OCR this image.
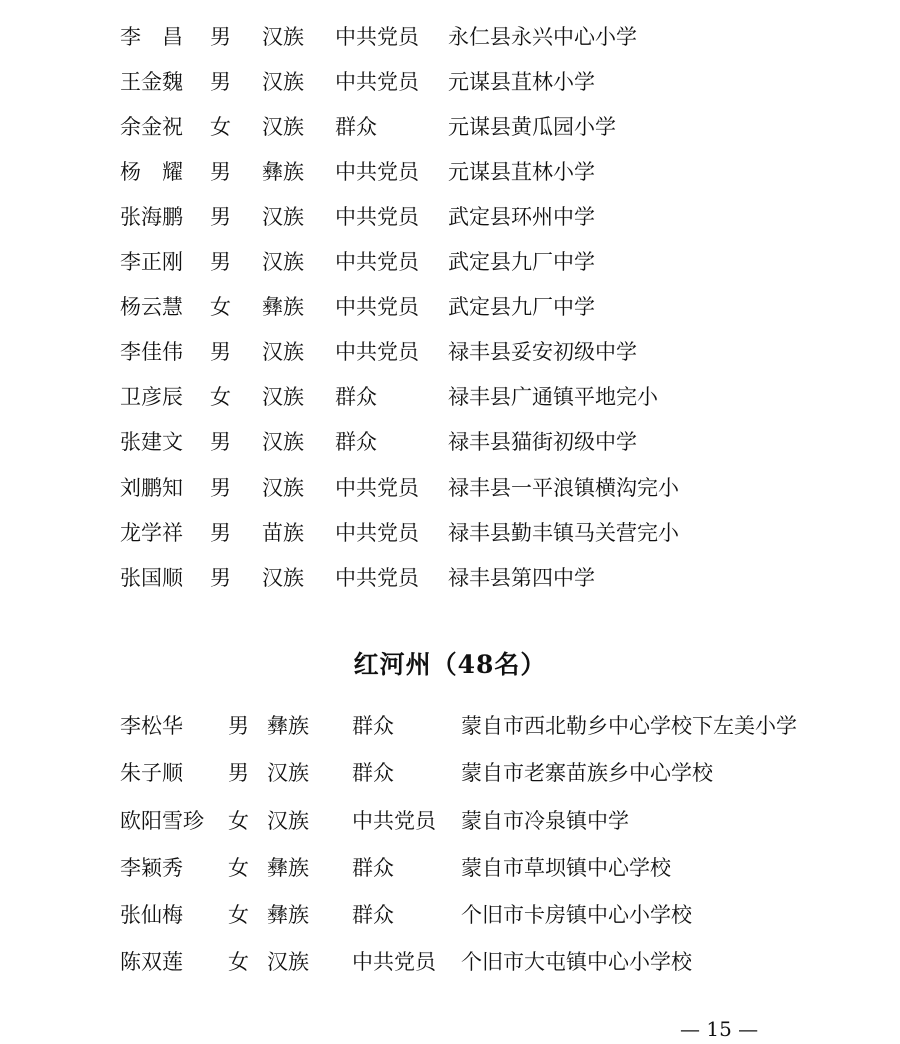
李昌 男 汉族 中共党员 永仁县永兴中心小学
王金魏 男 汉族 中共党员 元谋县苴林小学
余金祝 女 汉族 群众	元谋县黄瓜园小学
杨耀 男 彝族 中共党员 元谋县苴林小学
张海鹏 男 汉族 中共党员 武定县环州中学
李正刚 男 汉族 中共党员 武定县九厂中学
杨云慧 女 彝族 中共党员 武定县九厂中学
李佳伟 男 汉族 中共党员 禄丰县妥安初级中学
卫彦辰 女 汉族 群众	禄丰县广通镇平地完小
张建文 男 汉族 群众	禄丰县猫街初级中学
刘鹏知 男 汉族 中共党员 禄丰县一平浪镇横沟完小
龙学祥 男 苗族 中共党员 禄丰县勤丰镇马关营完小
张国顺 男 汉族 中共党员 禄丰县第四中学
红河州（48名）
李松华 男 彝族 群众	蒙自市西北勒乡中心学校下左美小学
朱子顺 男 汉族 群众	蒙自市老寨苗族乡中心学校
欧阳雪珍 女 汉族 中共党员 蒙自市冷泉镇中学
李颖秀 女 彝族 群众	蒙自市草坝镇中心学校
张仙梅 女 彝族 群众	个旧市卡房镇中心小学校
陈双莲 女 汉族 中共党员 个旧市大屯镇中心小学校
— 15 —
